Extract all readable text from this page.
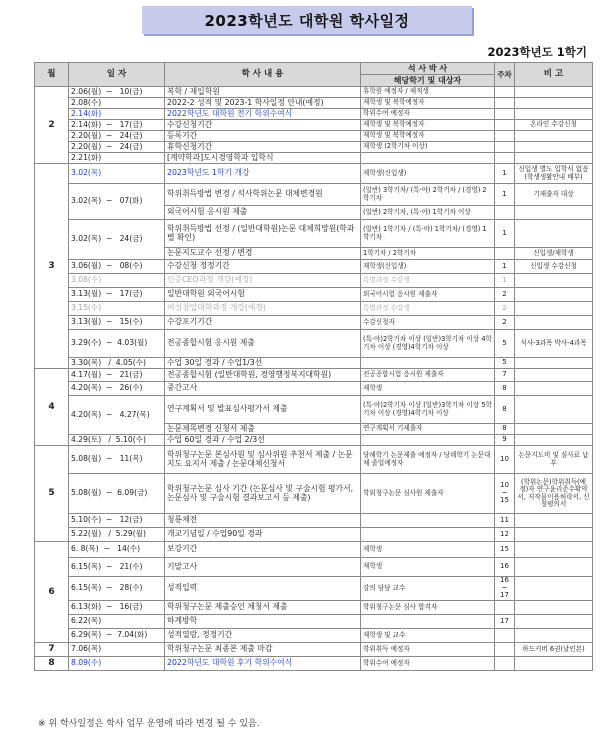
2023학년도 대학원 학사일정
2023학년도 1학기
월	일 자	학 사 내 용	석 사 박 사	주차	비 고
			해당학기 및 대상자		
2	2.06(월)  ~   10(금)	복학 / 재입학원	휴학원 예정자 / 제적생		
	2.08(수)	2022-2 성적 및 2023-1 학사일정 안내(예정)	재학생 및 복학예정자		
	2.14(화)	2022학년도 대학원 전기 학위수여식	학위수여 예정자		
	2.14(화)  ~   17(금)	수강신청기간	재학생 및 복학예정자		온라인 수강신청
	2.20(월)  ~   24(금)	등록기간	재학생 및 복학예정자		
	2.20(월)  ~   24(금)	휴학신청기간	재학생 (2학기차 이상)		
	2.21(화)	[계약학과]도시경영학과 입학식			
3	3.02(목)	2023학년도 1학기 개강	재학생(신입생)	1	신입생 별도 입학식 없음 (학생생활안내 배부)
	3.02(목)  ~   07(화)	학위취득방법 변경 / 석사학위논문 대체변경원	(일반) 3학기차/ (특·야) 2학기차 / (경영) 2학기차	1	기재출자 대상
		외국어시험 응시원 제출	(일반) 2학기차, (특·야) 1학기차 이상		
	3.02(목)  ~   24(금)	학위취득방법 선정 / (일반대학원)논문 대체희망원(학과별 확인)	(일반) 1학기차 / (특·야) 1학기차/ (경영) 1학기차	1	
		논문지도교수 선정 / 변경	1학기차 / 2학기차		신입생/재학생
	3.06(월)  ~   08(수)	수강신청 정정기간	재학생(신입생)	1	신입생 수강신청
	3.08(수)	인증CEO과정 개강(예정)	특별과정 수강생	1	
	3.13(월)  ~   17(금)	일반대학원 외국어시험	외국어시험 응시원 제출자	2	
	3.15(수)	여성창업대학과정 개강(예정)	특별과정 수강생	2	
	3.13(월)  ~   15(수)	수강포기기간	수강신청자	2	
	3.29(수)  ~  4.03(월)	전공종합시험 응시원 제출	(특·야)2학기차 이상 (일반)3학기차 이상 4학기차 이상 (경영)4학기차 이상	5	석사-3과목 박사-4과목
	3.30(목)   /  4.05(수)	수업 30일 경과 / 수업1/3선		5	
4	4.17(월)  ~   21(금)	전공종합시험 (일반대학원, 경영행정복지대학원)	전공종합시험 응시원 제출자	7	
	4.20(목)  ~   26(수)	중간고사	재학생	8	
	4.20(목)  ~   4.27(목)	연구계획서 및 발표심사평가서 제출	(특·야)2학기차 이상 (일반)3학기차 이상 5학기차 이상 (경영)4학기차 이상	8	
		논문제목변경 신청서 제출	연구계획서 기제출자	8	
	4.29(토)   /  5.10(수)	수업 60일 경과 / 수업 2/3선		9	
5	5.08(월)  ~   11(목)	학위청구논문 본심사원 및 심사위원 추천서 제출 / 논문지도 요지서 제출 / 논문대체신청서	당해학기 논문제출 예정자 / 당해학기 논문대체 졸업예정자	10	논문지도비 및 심사료 납부
	5.08(월)  ~  6.09(금)	학위청구논문 심사 기간 (논문심사 및 구술시험 평가서, 논문심사 및 구술시험 결과보고서 등 제출)	학위청구논문 심사원 제출자	10 ~ 15	(학위논문)학위취득(예정)자 연구윤리준수확약서, 저작물이용허락서, 신청평의서
	5.10(수)  ~   12(금)	청룡체전		11	
	5.22(월)   /  5.29(월)	개교기념일 / 수업90일 경과		12	
6	6. 8(목)  ~   14(수)	보강기간	재학생	15	
	6.15(목)  ~   21(수)	기말고사	재학생	16	
	6.15(목)  ~   28(수)	성적입력	강의 담당 교수	16 ~ 17	
	6.13(화)  ~   16(금)	학위청구논문 제출승인 체청서 제출	학위청구논문 심사 합격자		
	6.22(목)	하계방학		17	
	6.29(목)  ~  7.04(화)	성적열람, 정정기간	재학생 및 교수		
7	7.06(목)	학위청구논문 최종본 제출 마감	학위취득 예정자		하드커버 6권(날인본)
8	8.09(수)	2022학년도 대학원 후기 학위수여식	학위수여 예정자		
※ 위 학사일정은 학사 업무 운영에 따라 변경 될 수 있음.
